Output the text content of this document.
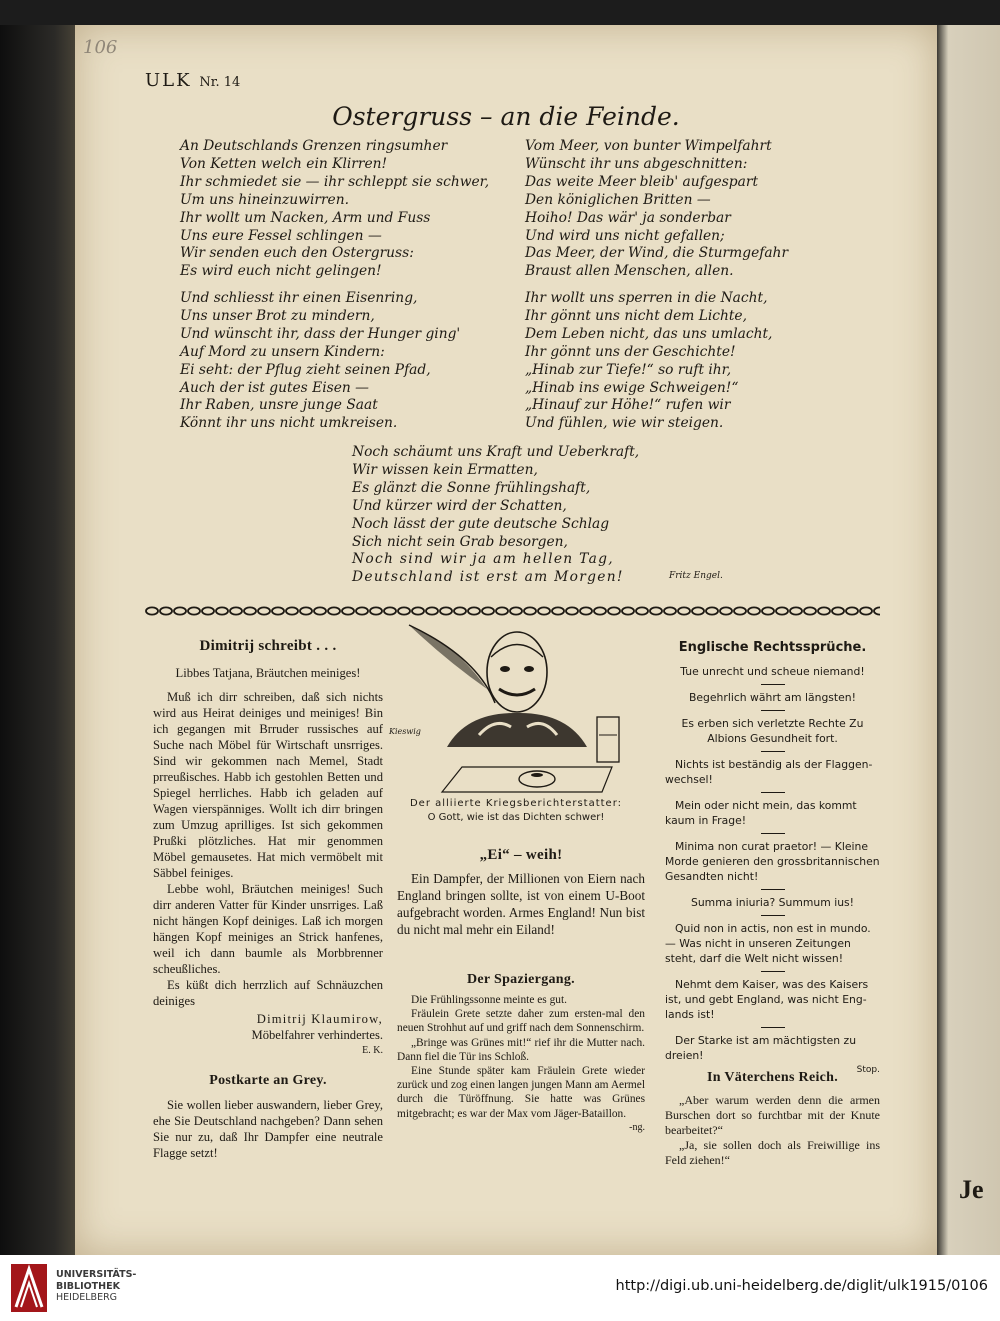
Je
106
ULK Nr. 14
Ostergruss – an die Feinde.
An Deutschlands Grenzen ringsumher
Von Ketten welch ein Klirren!
Ihr schmiedet sie — ihr schleppt sie schwer,
Um uns hineinzuwirren.
Ihr wollt um Nacken, Arm und Fuss
Uns eure Fessel schlingen —
Wir senden euch den Ostergruss:
Es wird euch nicht gelingen!
Und schliesst ihr einen Eisenring,
Uns unser Brot zu mindern,
Und wünscht ihr, dass der Hunger ging'
Auf Mord zu unsern Kindern:
Ei seht: der Pflug zieht seinen Pfad,
Auch der ist gutes Eisen —
Ihr Raben, unsre junge Saat
Könnt ihr uns nicht umkreisen.
Vom Meer, von bunter Wimpelfahrt
Wünscht ihr uns abgeschnitten:
Das weite Meer bleib' aufgespart
Den königlichen Britten —
Hoiho! Das wär' ja sonderbar
Und wird uns nicht gefallen;
Das Meer, der Wind, die Sturmgefahr
Braust allen Menschen, allen.
Ihr wollt uns sperren in die Nacht,
Ihr gönnt uns nicht dem Lichte,
Dem Leben nicht, das uns umlacht,
Ihr gönnt uns der Geschichte!
„Hinab zur Tiefe!“ so ruft ihr,
„Hinab ins ewige Schweigen!“
„Hinauf zur Höhe!“ rufen wir
Und fühlen, wie wir steigen.
Noch schäumt uns Kraft und Ueberkraft,
Wir wissen kein Ermatten,
Es glänzt die Sonne frühlingshaft,
Und kürzer wird der Schatten,
Noch lässt der gute deutsche Schlag
Sich nicht sein Grab besorgen,
Noch sind wir ja am hellen Tag,
Deutschland ist erst am Morgen!	Fritz Engel.
Dimitrij schreibt . . .
Libbes Tatjana, Bräutchen meiniges!

Muß ich dirr schreiben, daß sich nichts wird aus Heirat deiniges und meiniges! Bin ich gegangen mit Brruder russisches auf Suche nach Möbel für Wirtschaft unsrriges. Sind wir gekommen nach Memel, Stadt prreußisches. Habb ich gestohlen Betten und Spiegel herrliches. Habb ich geladen auf Wagen vierspänniges. Wollt ich dirr bringen zum Umzug aprilliges. Ist sich gekommen Prußki plötzliches. Hat mir genommen Möbel gemausetes. Hat mich vermöbelt mit Säbbel feiniges.

Lebbe wohl, Bräutchen meiniges! Such dirr anderen Vatter für Kinder unsrriges. Laß nicht hängen Kopf deiniges. Laß ich morgen hängen Kopf meiniges an Strick hanfenes, weil ich dann baumle als Morbbrenner scheußliches.

Es küßt dich herrzlich auf Schnäuzchen deiniges

Dimitrij Klaumirow,
Möbelfahrer verhindertes.
E. K.
Postkarte an Grey.

Sie wollen lieber auswandern, lieber Grey, ehe Sie Deutschland nachgeben? Dann sehen Sie nur zu, daß Ihr Dampfer eine neutrale Flagge setzt!

Kieswig
Der alliierte Kriegsberichterstatter:
O Gott, wie ist das Dichten schwer!
„Ei“ – weih!

Ein Dampfer, der Millionen von Eiern nach England bringen sollte, ist von einem U-Boot aufgebracht worden. Armes England! Nun bist du nicht mal mehr ein Eiland!

Der Spaziergang.

Die Frühlingssonne meinte es gut.

Fräulein Grete setzte daher zum ersten-mal den neuen Strohhut auf und griff nach dem Sonnenschirm.

„Bringe was Grünes mit!“ rief ihr die Mutter nach. Dann fiel die Tür ins Schloß.

Eine Stunde später kam Fräulein Grete wieder zurück und zog einen langen jungen Mann am Aermel durch die Türöffnung. Sie hatte was Grünes mitgebracht; es war der Max vom Jäger-Bataillon.

-ng.
Englische Rechtssprüche.

Tue unrecht und scheue niemand!

Begehrlich währt am längsten!

Es erben sich verletzte Rechte Zu Albions Gesundheit fort.

Nichts ist beständig als der Flaggen-wechsel!

Mein oder nicht mein, das kommt kaum in Frage!

Minima non curat praetor! — Kleine Morde genieren den grossbritannischen Gesandten nicht!

Summa iniuria? Summum ius!

Quid non in actis, non est in mundo. — Was nicht in unseren Zeitungen steht, darf die Welt nicht wissen!

Nehmt dem Kaiser, was des Kaisers ist, und gebt England, was nicht Eng-lands ist!

Der Starke ist am mächtigsten zu dreien!

Stop.
In Väterchens Reich.

„Aber warum werden denn die armen Burschen dort so furchtbar mit der Knute bearbeitet?“

„Ja, sie sollen doch als Freiwillige ins Feld ziehen!“

UNIVERSITÄTS-
BIBLIOTHEK
HEIDELBERG
http://digi.ub.uni-heidelberg.de/diglit/ulk1915/0106
